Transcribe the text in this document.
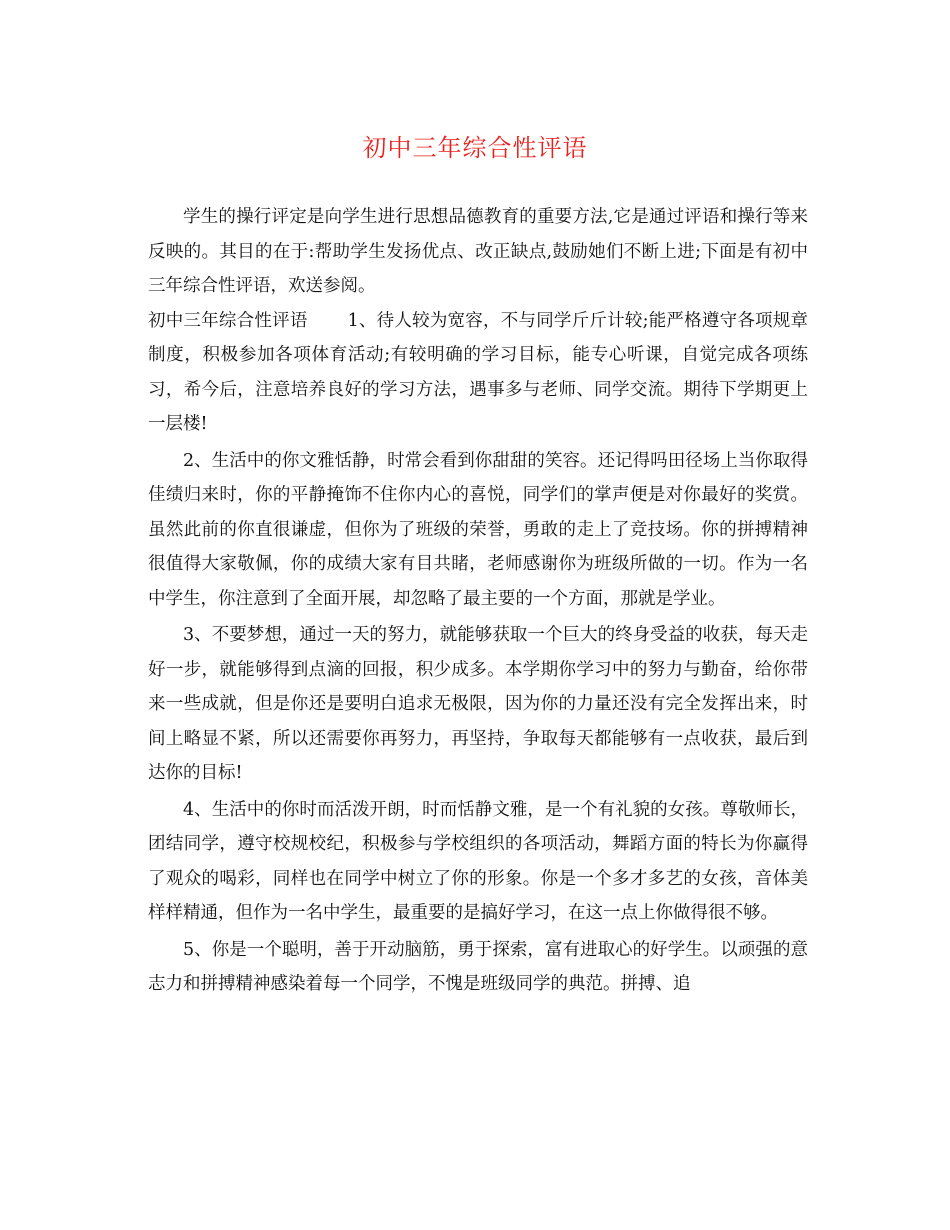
初中三年综合性评语

学生的操行评定是向学生进行思想品德教育的重要方法,它是通过评语和操行等来反映的。其目的在于:帮助学生发扬优点、改正缺点,鼓励她们不断上进;下面是有初中三年综合性评语，欢送参阅。

初中三年综合性评语 1、待人较为宽容，不与同学斤斤计较;能严格遵守各项规章制度，积极参加各项体育活动;有较明确的学习目标，能专心听课，自觉完成各项练习，希今后，注意培养良好的学习方法，遇事多与老师、同学交流。期待下学期更上一层楼!

2、生活中的你文雅恬静，时常会看到你甜甜的笑容。还记得吗田径场上当你取得佳绩归来时，你的平静掩饰不住你内心的喜悦，同学们的掌声便是对你最好的奖赏。虽然此前的你直很谦虚，但你为了班级的荣誉，勇敢的走上了竞技场。你的拼搏精神很值得大家敬佩，你的成绩大家有目共睹，老师感谢你为班级所做的一切。作为一名中学生，你注意到了全面开展，却忽略了最主要的一个方面，那就是学业。

3、不要梦想，通过一天的努力，就能够获取一个巨大的终身受益的收获，每天走好一步，就能够得到点滴的回报，积少成多。本学期你学习中的努力与勤奋，给你带来一些成就，但是你还是要明白追求无极限，因为你的力量还没有完全发挥出来，时间上略显不紧，所以还需要你再努力，再坚持，争取每天都能够有一点收获，最后到达你的目标!

4、生活中的你时而活泼开朗，时而恬静文雅，是一个有礼貌的女孩。尊敬师长，团结同学，遵守校规校纪，积极参与学校组织的各项活动，舞蹈方面的特长为你赢得了观众的喝彩，同样也在同学中树立了你的形象。你是一个多才多艺的女孩，音体美样样精通，但作为一名中学生，最重要的是搞好学习，在这一点上你做得很不够。

5、你是一个聪明，善于开动脑筋，勇于探索，富有进取心的好学生。以顽强的意志力和拼搏精神感染着每一个同学，不愧是班级同学的典范。拼搏、追
